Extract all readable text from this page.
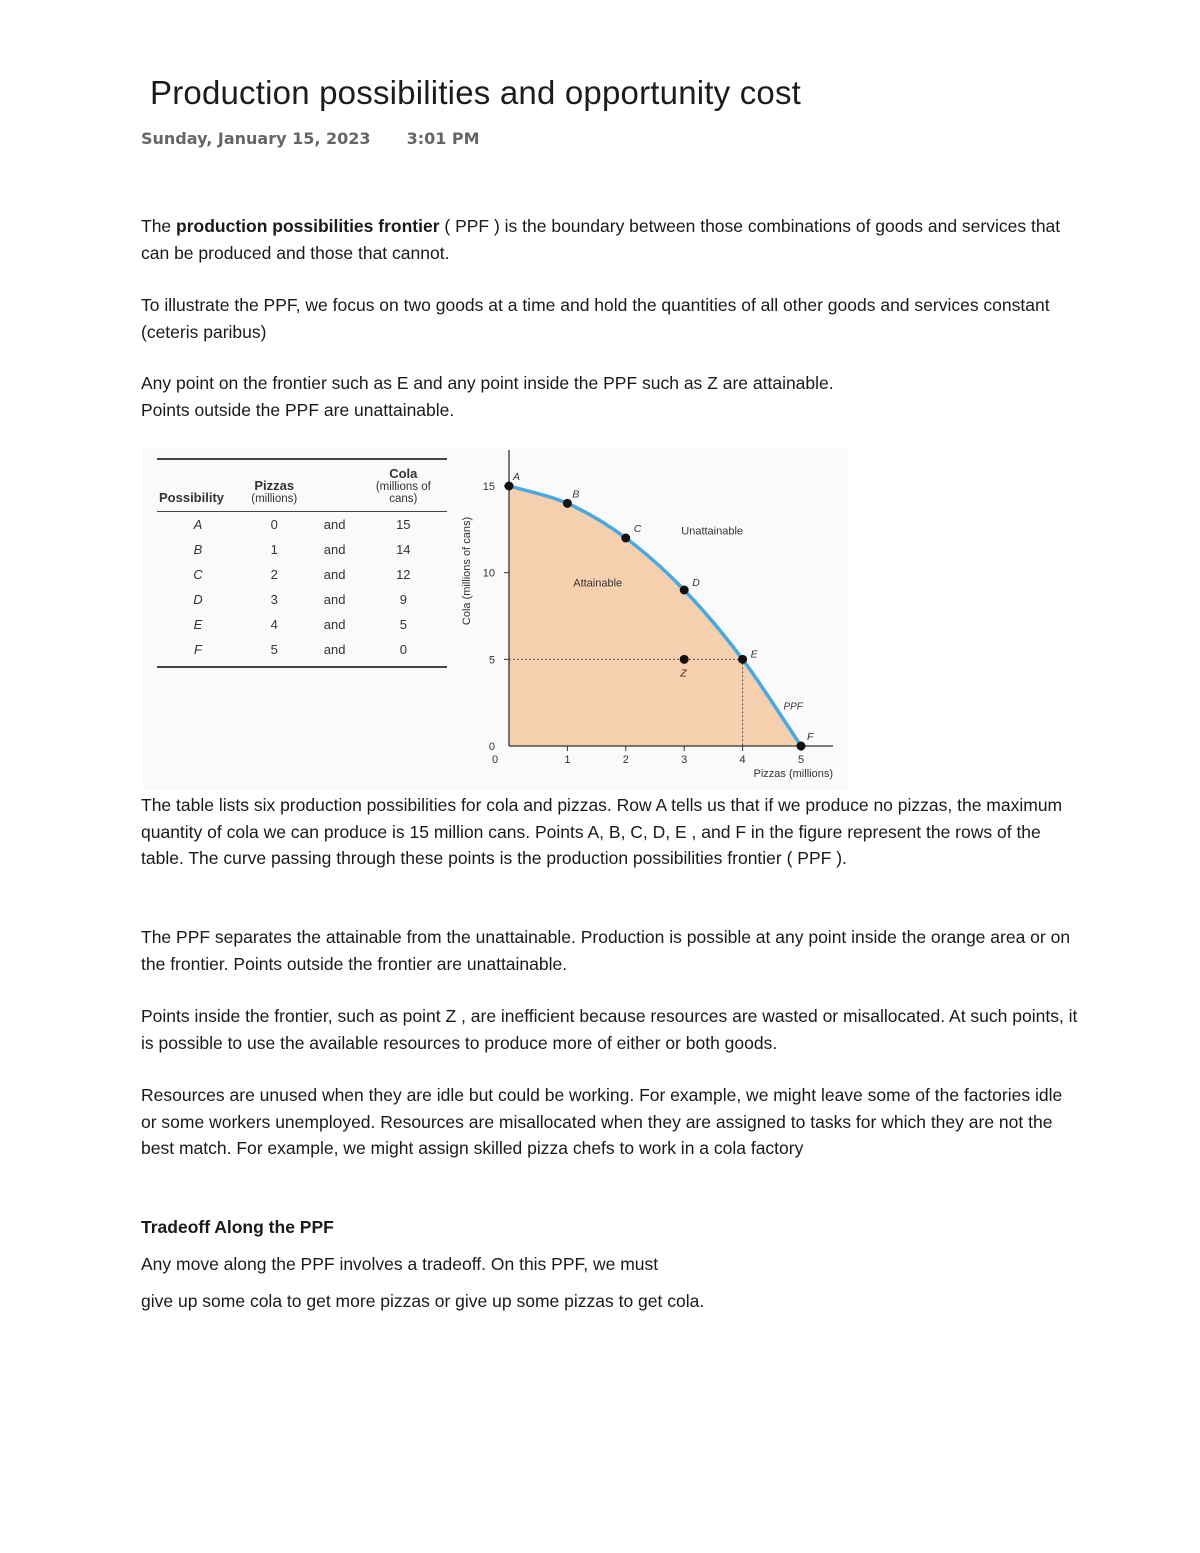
Production possibilities and opportunity cost
Sunday, January 15, 2023 3:01 PM

The production possibilities frontier ( PPF ) is the boundary between those combinations of goods and services that can be produced and those that cannot.

To illustrate the PPF, we focus on two goods at a time and hold the quantities of all other goods and services constant (ceteris paribus)

Any point on the frontier such as E and any point inside the PPF such as Z are attainable.

Points outside the PPF are unattainable.

Possibility	Pizzas
(millions)		Cola
(millions of cans)

A	0	and	15
B	1	and	14
C	2	and	12
D	3	and	9
E	4	and	5
F	5	and	0
0
5
10
15
0	1	2	3	4	5
Cola (millions of cans)
Pizzas (millions)
A
B
C
D
E
F
Z
PPF
Attainable
Unattainable

The table lists six production possibilities for cola and pizzas. Row A tells us that if we produce no pizzas, the maximum quantity of cola we can produce is 15 million cans. Points A, B, C, D, E , and F in the figure represent the rows of the table. The curve passing through these points is the production possibilities frontier ( PPF ).

The PPF separates the attainable from the unattainable. Production is possible at any point inside the orange area or on the frontier. Points outside the frontier are unattainable.

Points inside the frontier, such as point Z , are inefficient because resources are wasted or misallocated. At such points, it is possible to use the available resources to produce more of either or both goods.

Resources are unused when they are idle but could be working. For example, we might leave some of the factories idle or some workers unemployed. Resources are misallocated when they are assigned to tasks for which they are not the best match. For example, we might assign skilled pizza chefs to work in a cola factory

Tradeoff Along the PPF

Any move along the PPF involves a tradeoff. On this PPF, we must

give up some cola to get more pizzas or give up some pizzas to get cola.
